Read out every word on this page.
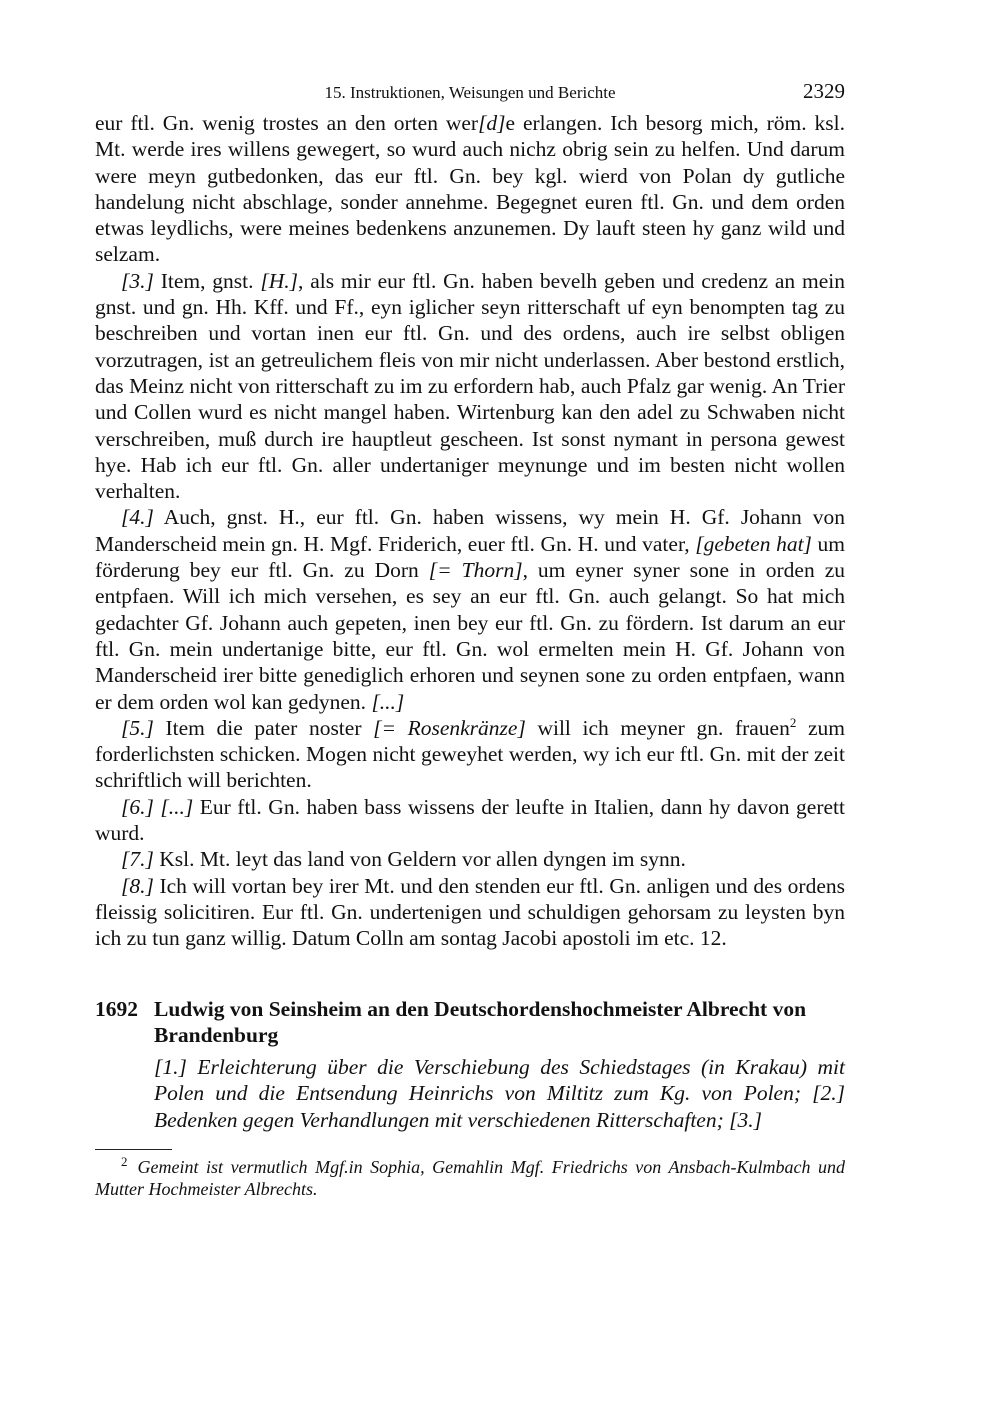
15. Instruktionen, Weisungen und Berichte	2329

eur ftl. Gn. wenig trostes an den orten wer[d]e erlangen. Ich besorg mich, röm. ksl. Mt. werde ires willens gewegert, so wurd auch nichz obrig sein zu helfen. Und darum were meyn gutbedonken, das eur ftl. Gn. bey kgl. wierd von Polan dy gutliche handelung nicht abschlage, sonder annehme. Begegnet euren ftl. Gn. und dem orden etwas leydlichs, were meines bedenkens anzunemen. Dy lauft steen hy ganz wild und selzam.

[3.] Item, gnst. [H.], als mir eur ftl. Gn. haben bevelh geben und credenz an mein gnst. und gn. Hh. Kff. und Ff., eyn iglicher seyn ritterschaft uf eyn benompten tag zu beschreiben und vortan inen eur ftl. Gn. und des ordens, auch ire selbst obligen vorzutragen, ist an getreulichem fleis von mir nicht underlassen. Aber bestond erstlich, das Meinz nicht von ritterschaft zu im zu erfordern hab, auch Pfalz gar wenig. An Trier und Collen wurd es nicht mangel haben. Wirtenburg kan den adel zu Schwaben nicht verschreiben, muß durch ire hauptleut gescheen. Ist sonst nymant in persona gewest hye. Hab ich eur ftl. Gn. aller undertaniger meynunge und im besten nicht wollen verhalten.

[4.] Auch, gnst. H., eur ftl. Gn. haben wissens, wy mein H. Gf. Johann von Manderscheid mein gn. H. Mgf. Friderich, euer ftl. Gn. H. und vater, [gebeten hat] um förderung bey eur ftl. Gn. zu Dorn [= Thorn], um eyner syner sone in orden zu entpfaen. Will ich mich versehen, es sey an eur ftl. Gn. auch gelangt. So hat mich gedachter Gf. Johann auch gepeten, inen bey eur ftl. Gn. zu fördern. Ist darum an eur ftl. Gn. mein undertanige bitte, eur ftl. Gn. wol ermelten mein H. Gf. Johann von Manderscheid irer bitte genediglich erhoren und seynen sone zu orden entpfaen, wann er dem orden wol kan gedynen. [...]

[5.] Item die pater noster [= Rosenkränze] will ich meyner gn. frauen$^2$ zum forderlichsten schicken. Mogen nicht geweyhet werden, wy ich eur ftl. Gn. mit der zeit schriftlich will berichten.

[6.] [...] Eur ftl. Gn. haben bass wissens der leufte in Italien, dann hy davon gerett wurd.

[7.] Ksl. Mt. leyt das land von Geldern vor allen dyngen im synn.

[8.] Ich will vortan bey irer Mt. und den stenden eur ftl. Gn. anligen und des ordens fleissig solicitiren. Eur ftl. Gn. undertenigen und schuldigen gehorsam zu leysten byn ich zu tun ganz willig. Datum Colln am sontag Jacobi apostoli im etc. 12.

1692 Ludwig von Seinsheim an den Deutschordenshochmeister Albrecht von Brandenburg
[1.] Erleichterung über die Verschiebung des Schiedstages (in Krakau) mit Polen und die Entsendung Heinrichs von Miltitz zum Kg. von Polen; [2.] Bedenken gegen Verhandlungen mit verschiedenen Ritterschaften; [3.]
$^2$ Gemeint ist vermutlich Mgf.in Sophia, Gemahlin Mgf. Friedrichs von Ansbach-Kulmbach und Mutter Hochmeister Albrechts.
